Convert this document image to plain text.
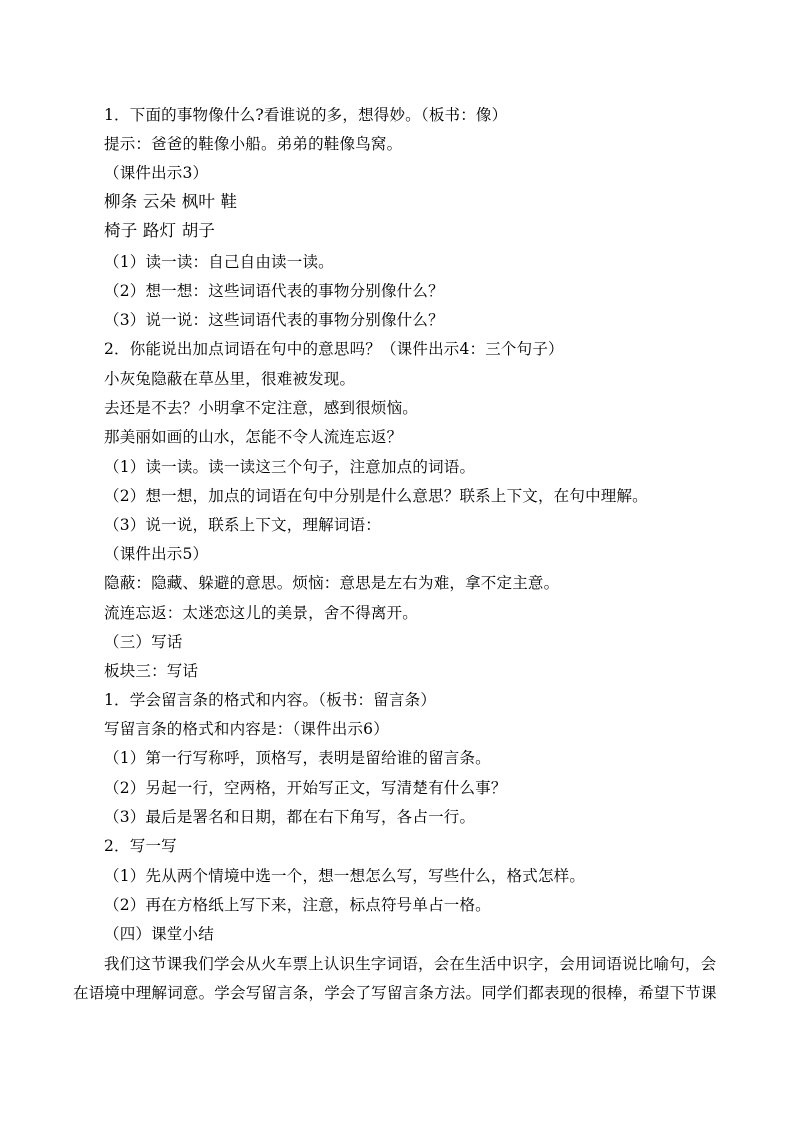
1．下面的事物像什么?看谁说的多，想得妙。（板书：像）
提示：爸爸的鞋像小船。弟弟的鞋像鸟窝。
（课件出示3）
柳条 云朵 枫叶 鞋
椅子 路灯 胡子
（1）读一读：自己自由读一读。
（2）想一想：这些词语代表的事物分别像什么？
（3）说一说：这些词语代表的事物分别像什么？
2．你能说出加点词语在句中的意思吗？（课件出示4：三个句子）
小灰兔隐蔽在草丛里，很难被发现。
去还是不去？小明拿不定注意，感到很烦恼。
那美丽如画的山水，怎能不令人流连忘返？
（1）读一读。读一读这三个句子，注意加点的词语。
（2）想一想，加点的词语在句中分别是什么意思？联系上下文，在句中理解。
（3）说一说，联系上下文，理解词语：
（课件出示5）
隐蔽：隐藏、躲避的意思。烦恼：意思是左右为难，拿不定主意。
流连忘返：太迷恋这儿的美景，舍不得离开。
（三）写话
板块三：写话
1．学会留言条的格式和内容。（板书：留言条）
写留言条的格式和内容是：（课件出示6）
（1）第一行写称呼，顶格写，表明是留给谁的留言条。
（2）另起一行，空两格，开始写正文，写清楚有什么事？
（3）最后是署名和日期，都在右下角写，各占一行。
2．写一写
（1）先从两个情境中选一个，想一想怎么写，写些什么，格式怎样。
（2）再在方格纸上写下来，注意，标点符号单占一格。
（四）课堂小结
我们这节课我们学会从火车票上认识生字词语，会在生活中识字，会用词语说比喻句，会
在语境中理解词意。学会写留言条，学会了写留言条方法。同学们都表现的很棒，希望下节课
